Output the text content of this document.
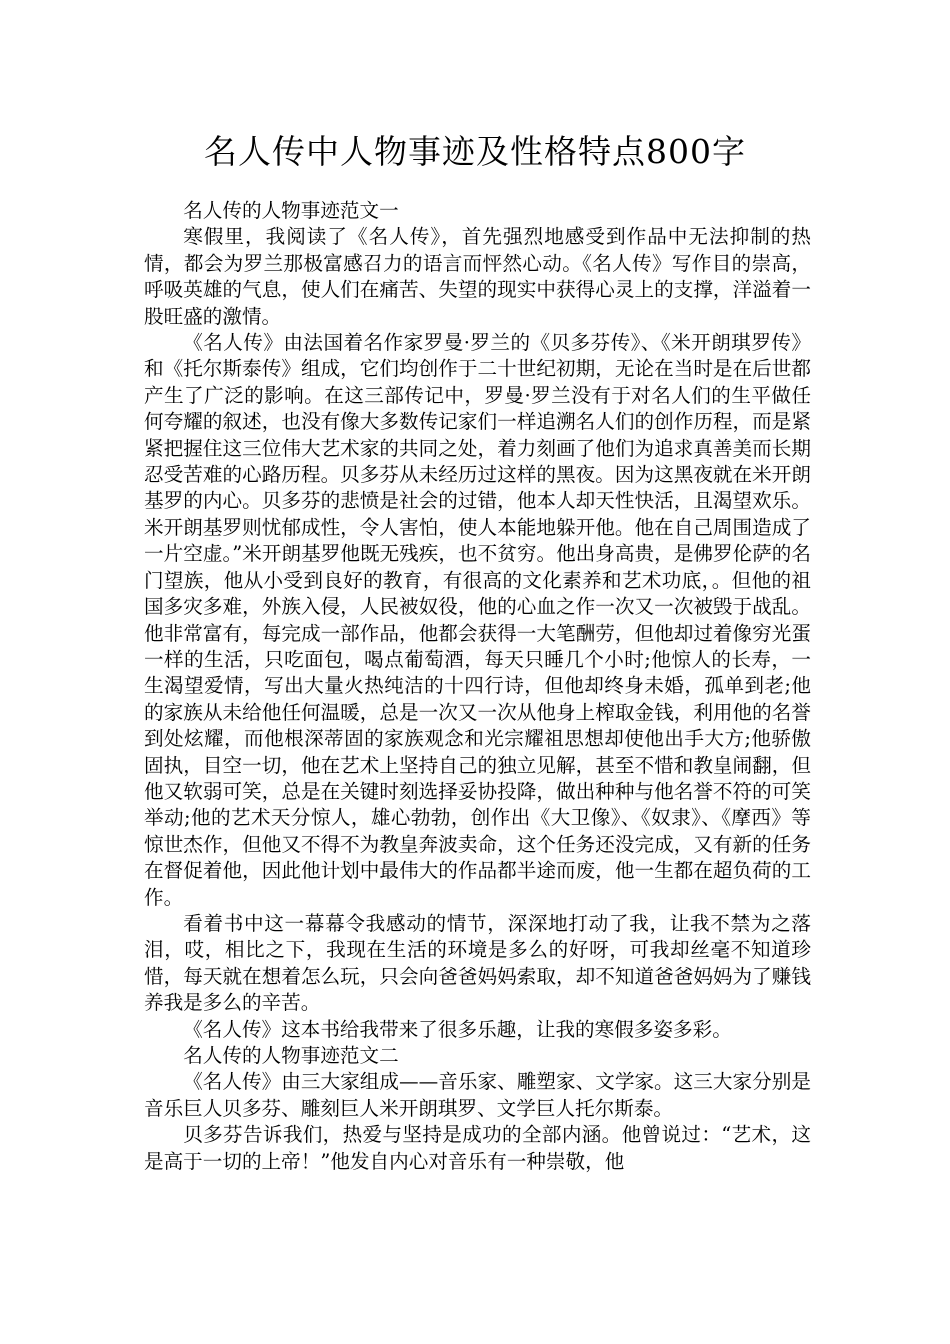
名人传中人物事迹及性格特点800字

名人传的人物事迹范文一

寒假里，我阅读了《名人传》，首先强烈地感受到作品中无法抑制的热情，都会为罗兰那极富感召力的语言而怦然心动。《名人传》写作目的崇高，呼吸英雄的气息，使人们在痛苦、失望的现实中获得心灵上的支撑，洋溢着一股旺盛的激情。

《名人传》由法国着名作家罗曼·罗兰的《贝多芬传》、《米开朗琪罗传》和《托尔斯泰传》组成，它们均创作于二十世纪初期，无论在当时是在后世都产生了广泛的影响。在这三部传记中，罗曼·罗兰没有于对名人们的生平做任何夸耀的叙述，也没有像大多数传记家们一样追溯名人们的创作历程，而是紧紧把握住这三位伟大艺术家的共同之处，着力刻画了他们为追求真善美而长期忍受苦难的心路历程。贝多芬从未经历过这样的黑夜。因为这黑夜就在米开朗基罗的内心。贝多芬的悲愤是社会的过错，他本人却天性快活，且渴望欢乐。米开朗基罗则忧郁成性，令人害怕，使人本能地躲开他。他在自己周围造成了一片空虚。”米开朗基罗他既无残疾，也不贫穷。他出身高贵，是佛罗伦萨的名门望族，他从小受到良好的教育，有很高的文化素养和艺术功底，。但他的祖国多灾多难，外族入侵，人民被奴役，他的心血之作一次又一次被毁于战乱。他非常富有，每完成一部作品，他都会获得一大笔酬劳，但他却过着像穷光蛋一样的生活，只吃面包，喝点葡萄酒，每天只睡几个小时;他惊人的长寿，一生渴望爱情，写出大量火热纯洁的十四行诗，但他却终身未婚，孤单到老;他的家族从未给他任何温暖，总是一次又一次从他身上榨取金钱，利用他的名誉到处炫耀，而他根深蒂固的家族观念和光宗耀祖思想却使他出手大方;他骄傲固执，目空一切，他在艺术上坚持自己的独立见解，甚至不惜和教皇闹翻，但他又软弱可笑，总是在关键时刻选择妥协投降，做出种种与他名誉不符的可笑举动;他的艺术天分惊人，雄心勃勃，创作出《大卫像》、《奴隶》、《摩西》等惊世杰作，但他又不得不为教皇奔波卖命，这个任务还没完成，又有新的任务在督促着他，因此他计划中最伟大的作品都半途而废，他一生都在超负荷的工作。

看着书中这一幕幕令我感动的情节，深深地打动了我，让我不禁为之落泪，哎，相比之下，我现在生活的环境是多么的好呀，可我却丝毫不知道珍惜，每天就在想着怎么玩，只会向爸爸妈妈索取，却不知道爸爸妈妈为了赚钱养我是多么的辛苦。

《名人传》这本书给我带来了很多乐趣，让我的寒假多姿多彩。

名人传的人物事迹范文二

《名人传》由三大家组成——音乐家、雕塑家、文学家。这三大家分别是音乐巨人贝多芬、雕刻巨人米开朗琪罗、文学巨人托尔斯泰。

贝多芬告诉我们，热爱与坚持是成功的全部内涵。他曾说过：“艺术，这是高于一切的上帝！”他发自内心对音乐有一种崇敬，他
